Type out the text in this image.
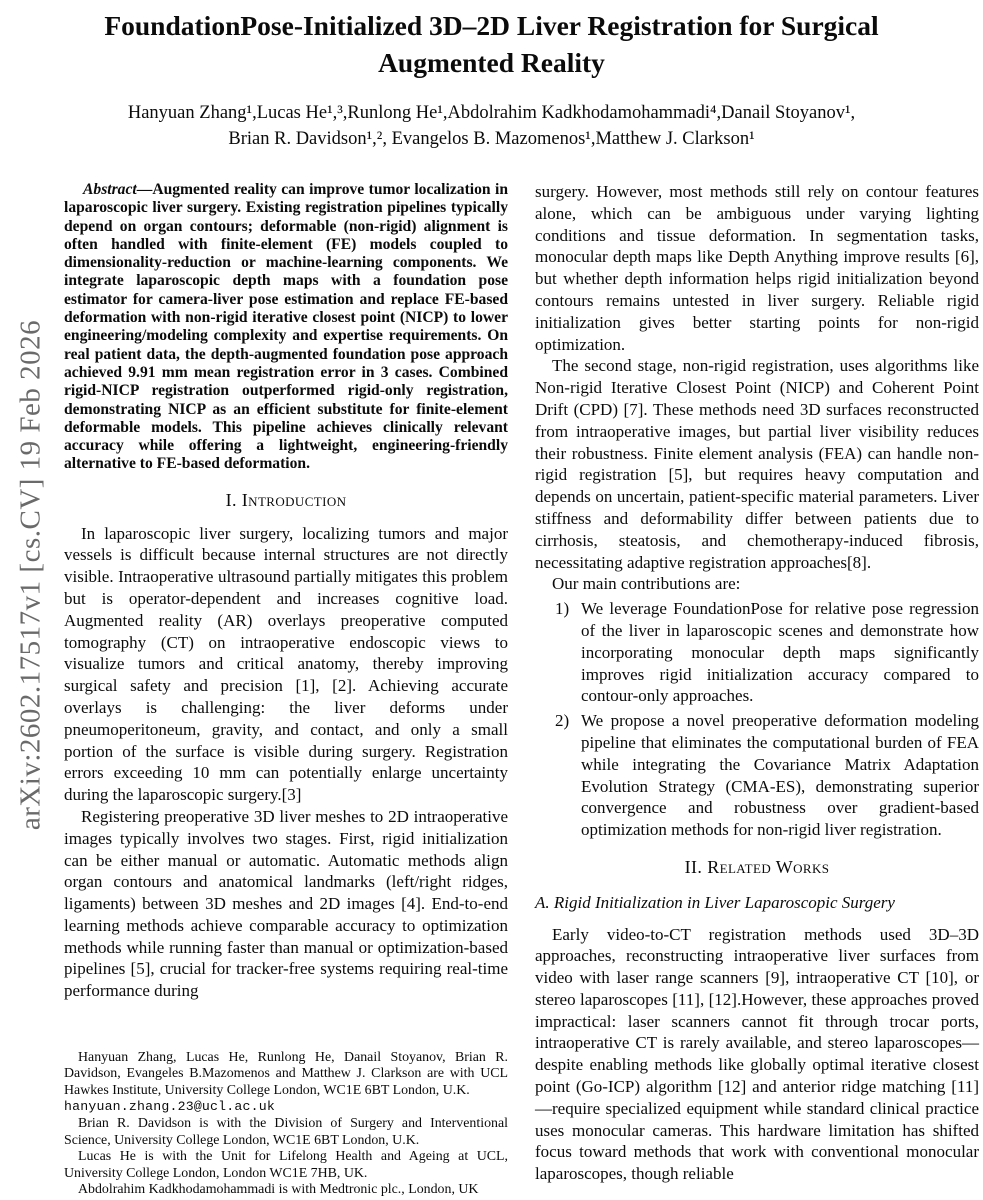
arXiv:2602.17517v1 [cs.CV] 19 Feb 2026
FoundationPose-Initialized 3D–2D Liver Registration for Surgical Augmented Reality
Hanyuan Zhang¹,Lucas He¹,³,Runlong He¹,Abdolrahim Kadkhodamohammadi⁴,Danail Stoyanov¹,
Brian R. Davidson¹,², Evangelos B. Mazomenos¹,Matthew J. Clarkson¹

Abstract—Augmented reality can improve tumor localization in laparoscopic liver surgery. Existing registration pipelines typically depend on organ contours; deformable (non-rigid) alignment is often handled with finite-element (FE) models coupled to dimensionality-reduction or machine-learning components. We integrate laparoscopic depth maps with a foundation pose estimator for camera-liver pose estimation and replace FE-based deformation with non-rigid iterative closest point (NICP) to lower engineering/modeling complexity and expertise requirements. On real patient data, the depth-augmented foundation pose approach achieved 9.91 mm mean registration error in 3 cases. Combined rigid-NICP registration outperformed rigid-only registration, demonstrating NICP as an efficient substitute for finite-element deformable models. This pipeline achieves clinically relevant accuracy while offering a lightweight, engineering-friendly alternative to FE-based deformation.

I. Introduction

In laparoscopic liver surgery, localizing tumors and major vessels is difficult because internal structures are not directly visible. Intraoperative ultrasound partially mitigates this problem but is operator-dependent and increases cognitive load. Augmented reality (AR) overlays preoperative computed tomography (CT) on intraoperative endoscopic views to visualize tumors and critical anatomy, thereby improving surgical safety and precision [1], [2]. Achieving accurate overlays is challenging: the liver deforms under pneumoperitoneum, gravity, and contact, and only a small portion of the surface is visible during surgery. Registration errors exceeding 10 mm can potentially enlarge uncertainty during the laparoscopic surgery.[3]

Registering preoperative 3D liver meshes to 2D intraoperative images typically involves two stages. First, rigid initialization can be either manual or automatic. Automatic methods align organ contours and anatomical landmarks (left/right ridges, ligaments) between 3D meshes and 2D images [4]. End-to-end learning methods achieve comparable accuracy to optimization methods while running faster than manual or optimization-based pipelines [5], crucial for tracker-free systems requiring real-time performance during

Hanyuan Zhang, Lucas He, Runlong He, Danail Stoyanov, Brian R. Davidson, Evangeles B.Mazomenos and Matthew J. Clarkson are with UCL Hawkes Institute, University College London, WC1E 6BT London, U.K.
hanyuan.zhang.23@ucl.ac.uk

Brian R. Davidson is with the Division of Surgery and Interventional Science, University College London, WC1E 6BT London, U.K.

Lucas He is with the Unit for Lifelong Health and Ageing at UCL, University College London, London WC1E 7HB, UK.

Abdolrahim Kadkhodamohammadi is with Medtronic plc., London, UK

surgery. However, most methods still rely on contour features alone, which can be ambiguous under varying lighting conditions and tissue deformation. In segmentation tasks, monocular depth maps like Depth Anything improve results [6], but whether depth information helps rigid initialization beyond contours remains untested in liver surgery. Reliable rigid initialization gives better starting points for non-rigid optimization.

The second stage, non-rigid registration, uses algorithms like Non-rigid Iterative Closest Point (NICP) and Coherent Point Drift (CPD) [7]. These methods need 3D surfaces reconstructed from intraoperative images, but partial liver visibility reduces their robustness. Finite element analysis (FEA) can handle non-rigid registration [5], but requires heavy computation and depends on uncertain, patient-specific material parameters. Liver stiffness and deformability differ between patients due to cirrhosis, steatosis, and chemotherapy-induced fibrosis, necessitating adaptive registration approaches[8].

Our main contributions are:

1) We leverage FoundationPose for relative pose regression of the liver in laparoscopic scenes and demonstrate how incorporating monocular depth maps significantly improves rigid initialization accuracy compared to contour-only approaches.
2) We propose a novel preoperative deformation modeling pipeline that eliminates the computational burden of FEA while integrating the Covariance Matrix Adaptation Evolution Strategy (CMA-ES), demonstrating superior convergence and robustness over gradient-based optimization methods for non-rigid liver registration.
II. Related Works
A. Rigid Initialization in Liver Laparoscopic Surgery

Early video-to-CT registration methods used 3D–3D approaches, reconstructing intraoperative liver surfaces from video with laser range scanners [9], intraoperative CT [10], or stereo laparoscopes [11], [12].However, these approaches proved impractical: laser scanners cannot fit through trocar ports, intraoperative CT is rarely available, and stereo laparoscopes—despite enabling methods like globally optimal iterative closest point (Go-ICP) algorithm [12] and anterior ridge matching [11]—require specialized equipment while standard clinical practice uses monocular cameras. This hardware limitation has shifted focus toward methods that work with conventional monocular laparoscopes, though reliable
